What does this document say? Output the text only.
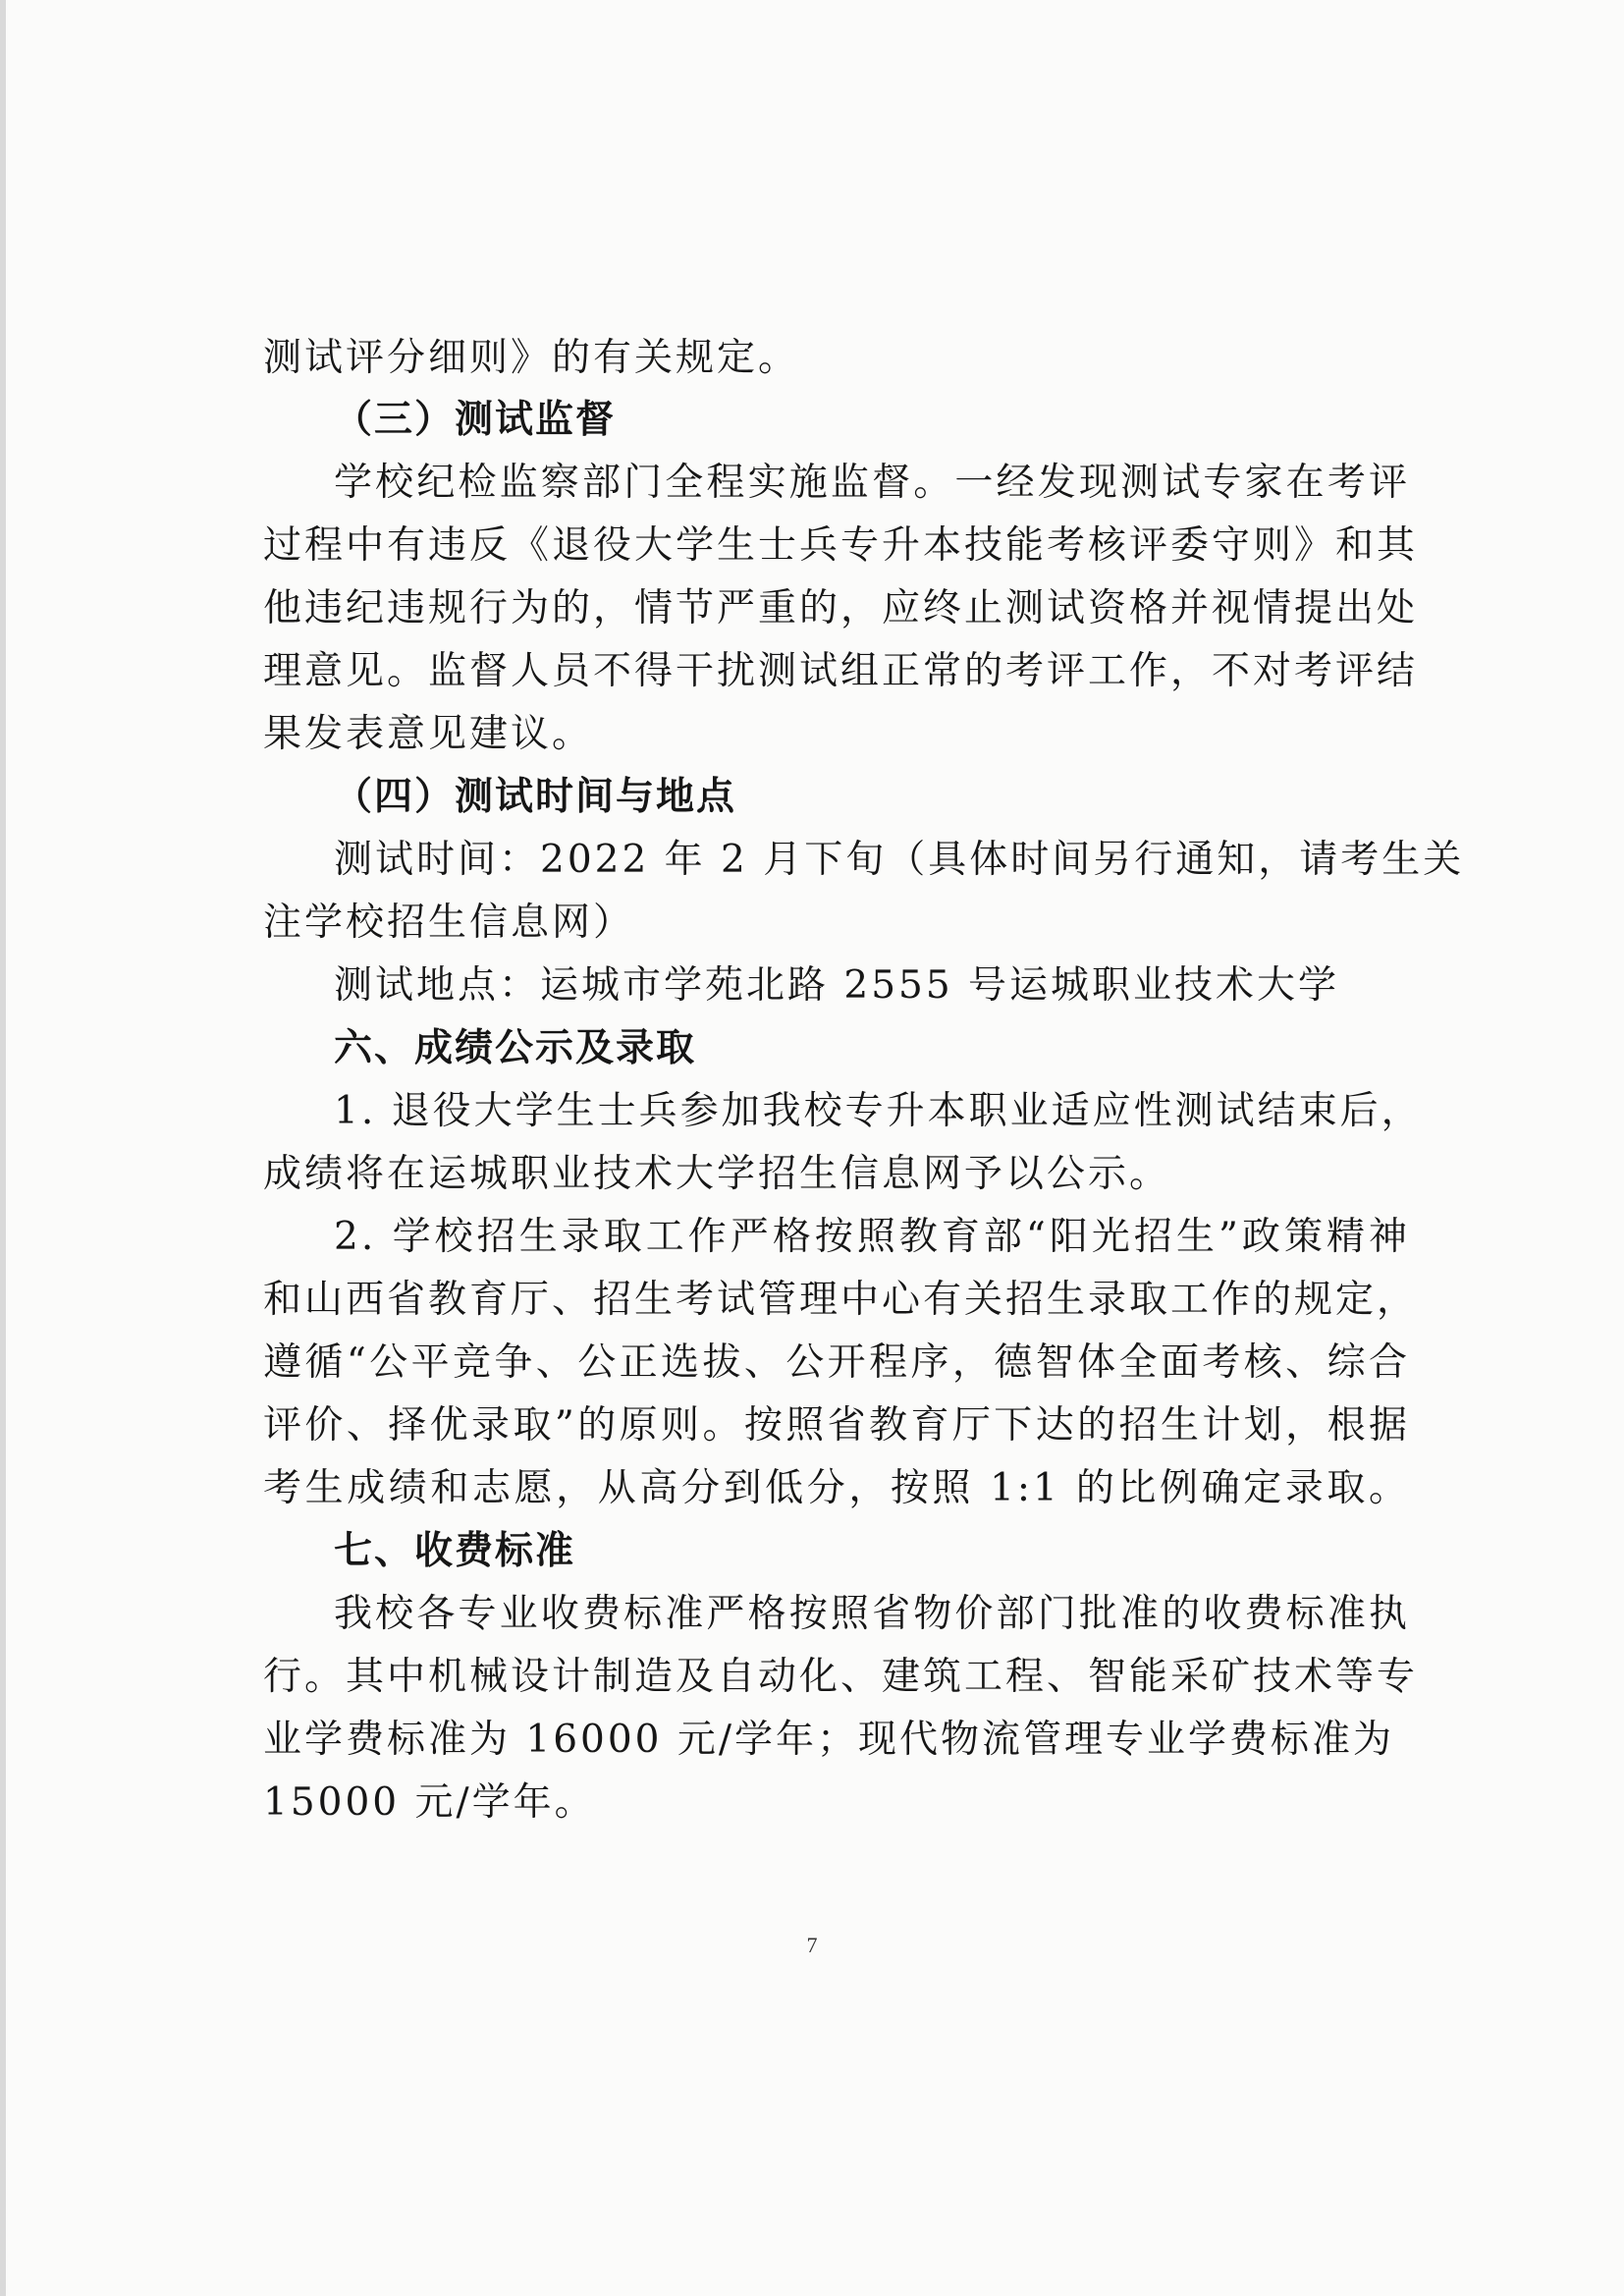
测试评分细则》的有关规定。
（三）测试监督
学校纪检监察部门全程实施监督。一经发现测试专家在考评
过程中有违反《退役大学生士兵专升本技能考核评委守则》和其
他违纪违规行为的，情节严重的，应终止测试资格并视情提出处
理意见。监督人员不得干扰测试组正常的考评工作，不对考评结
果发表意见建议。
（四）测试时间与地点
测试时间：2022 年 2 月下旬（具体时间另行通知，请考生关
注学校招生信息网）
测试地点：运城市学苑北路 2555 号运城职业技术大学
六、成绩公示及录取
1. 退役大学生士兵参加我校专升本职业适应性测试结束后，
成绩将在运城职业技术大学招生信息网予以公示。
2. 学校招生录取工作严格按照教育部“阳光招生”政策精神
和山西省教育厅、招生考试管理中心有关招生录取工作的规定，
遵循“公平竞争、公正选拔、公开程序，德智体全面考核、综合
评价、择优录取”的原则。按照省教育厅下达的招生计划，根据
考生成绩和志愿，从高分到低分，按照 1:1 的比例确定录取。
七、收费标准
我校各专业收费标准严格按照省物价部门批准的收费标准执
行。其中机械设计制造及自动化、建筑工程、智能采矿技术等专
业学费标准为 16000 元/学年；现代物流管理专业学费标准为
15000 元/学年。
7
